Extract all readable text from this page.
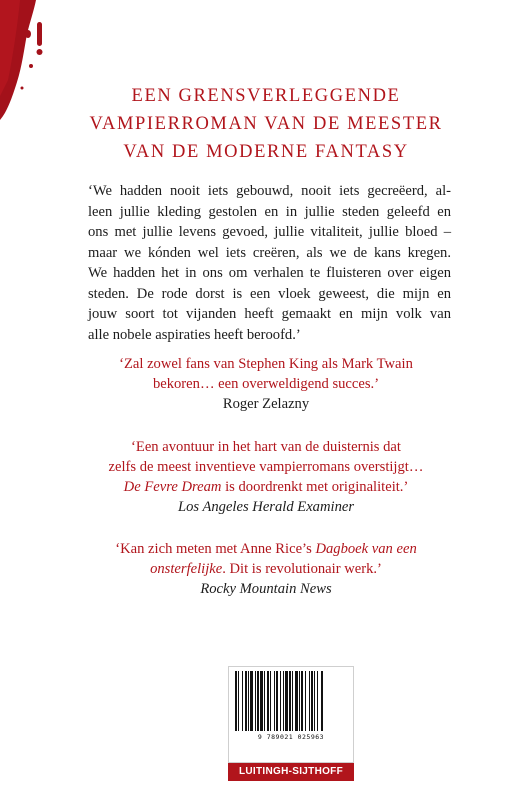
EEN GRENSVERLEGGENDE
VAMPIERROMAN VAN DE MEESTER
VAN DE MODERNE FANTASY
‘We hadden nooit iets gebouwd, nooit iets gecreëerd, al-
leen jullie kleding gestolen en in jullie steden geleefd en
ons met jullie levens gevoed, jullie vitaliteit, jullie bloed –
maar we kónden wel iets creëren, als we de kans kregen.
We hadden het in ons om verhalen te fluisteren over eigen
steden. De rode dorst is een vloek geweest, die mijn en
jouw soort tot vijanden heeft gemaakt en mijn volk van
alle nobele aspiraties heeft beroofd.’
‘Zal zowel fans van Stephen King als Mark Twain
bekoren… een overweldigend succes.’
Roger Zelazny
‘Een avontuur in het hart van de duisternis dat
zelfs de meest inventieve vampierromans overstijgt…
De Fevre Dream is doordrenkt met originaliteit.’
Los Angeles Herald Examiner
‘Kan zich meten met Anne Rice’s Dagboek van een
onsterfelijke. Dit is revolutionair werk.’
Rocky Mountain News
9 789021 025963
LUITINGH-SIJTHOFF
